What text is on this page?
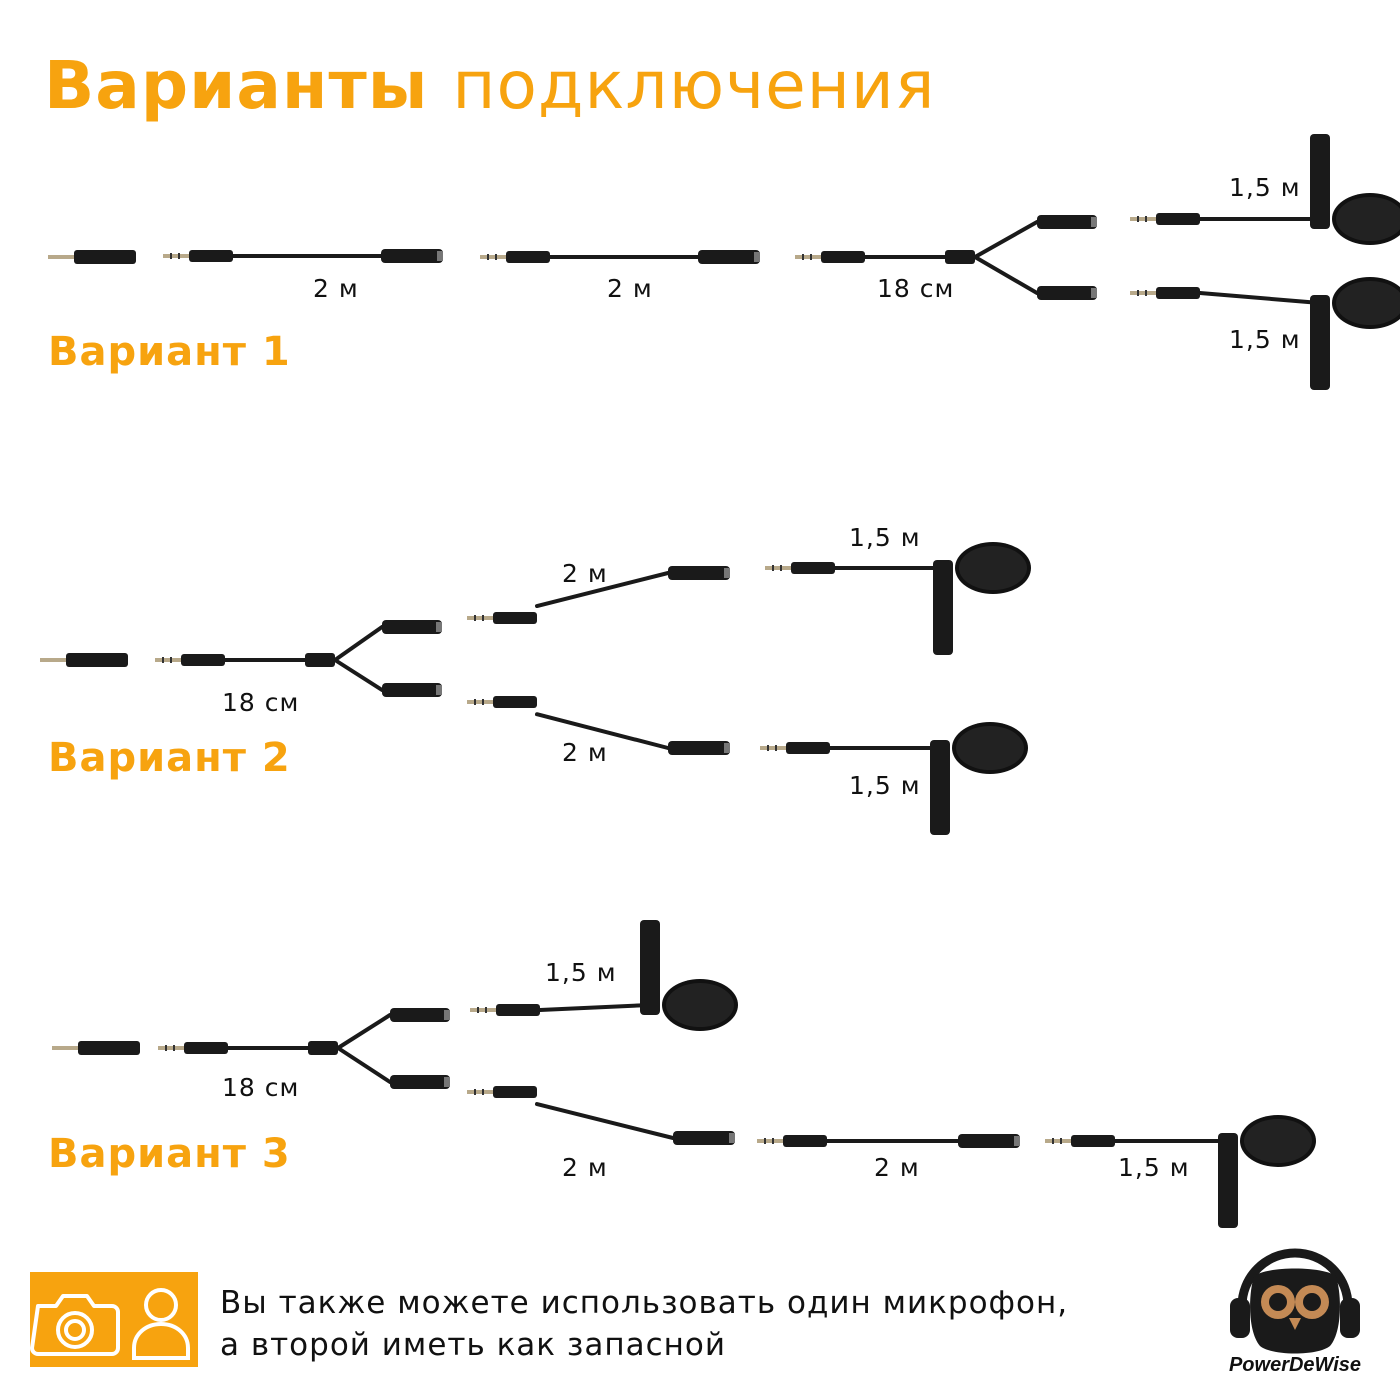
Варианты подключения
Вариант 1
Вариант 2
Вариант 3
2 м	2 м	18 см
1,5 м
1,5 м
18 см
2 м
2 м
1,5 м
1,5 м
18 см
1,5 м
2 м	2 м	1,5 м

Вы также можете использовать один микрофон,
а второй иметь как запасной

PowerDeWise
